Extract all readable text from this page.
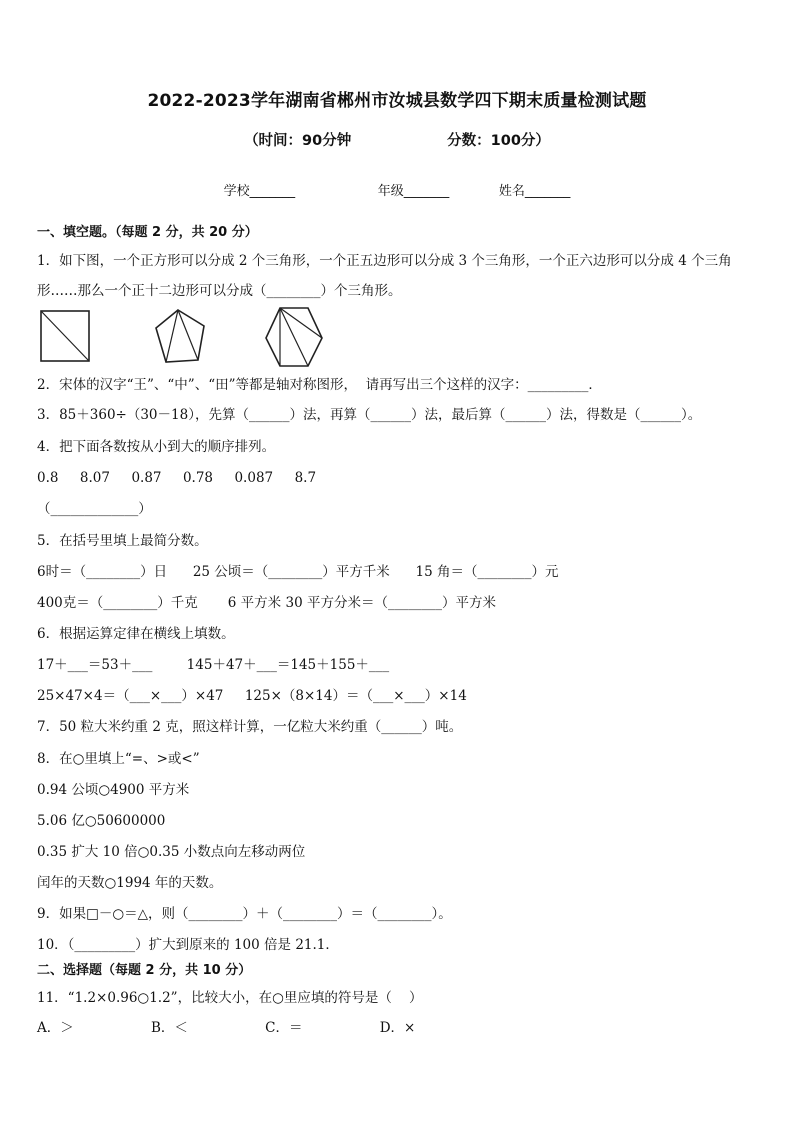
2022-2023学年湖南省郴州市汝城县数学四下期末质量检测试题
（时间：90分钟                   分数：100分）
学校_______                    年级_______            姓名_______
一、填空题。（每题 2 分，共 20 分）
1．如下图，一个正方形可以分成 2 个三角形，一个正五边形可以分成 3 个三角形，一个正六边形可以分成 4 个三角
形……那么一个正十二边形可以分成（________）个三角形。
2．宋体的汉字“王”、“中”、“田”等都是轴对称图形，  请再写出三个这样的汉字：_________．
3．85＋360÷（30－18），先算（______）法，再算（______）法，最后算（______）法，得数是（______）。
4．把下面各数按从小到大的顺序排列。
0.8     8.07     0.87     0.78     0.087     8.7
（_____________）
5．在括号里填上最简分数。
6时＝（________）日      25 公顷＝（________）平方千米      15 角＝（________）元
400克＝（________）千克       6 平方米 30 平方分米＝（________）平方米
6．根据运算定律在横线上填数。
17＋___＝53＋___        145＋47＋___＝145＋155＋___
25×47×4＝（___×___）×47     125×（8×14）＝（___×___）×14
7．50 粒大米约重 2 克，照这样计算，一亿粒大米约重（______）吨。
8．在○里填上“=、>或<”
0.94 公顷○4900 平方米
5.06 亿○50600000
0.35 扩大 10 倍○0.35 小数点向左移动两位
闰年的天数○1994 年的天数。
9．如果□－○＝△，则（________）＋（________）＝（________）。
10．（_________）扩大到原来的 100 倍是 21.1．
二、选择题（每题 2 分，共 10 分）
11．“1.2×0.96○1.2”，比较大小，在○里应填的符号是（    ）
A．＞                  B．＜                  C．＝                  D．×
